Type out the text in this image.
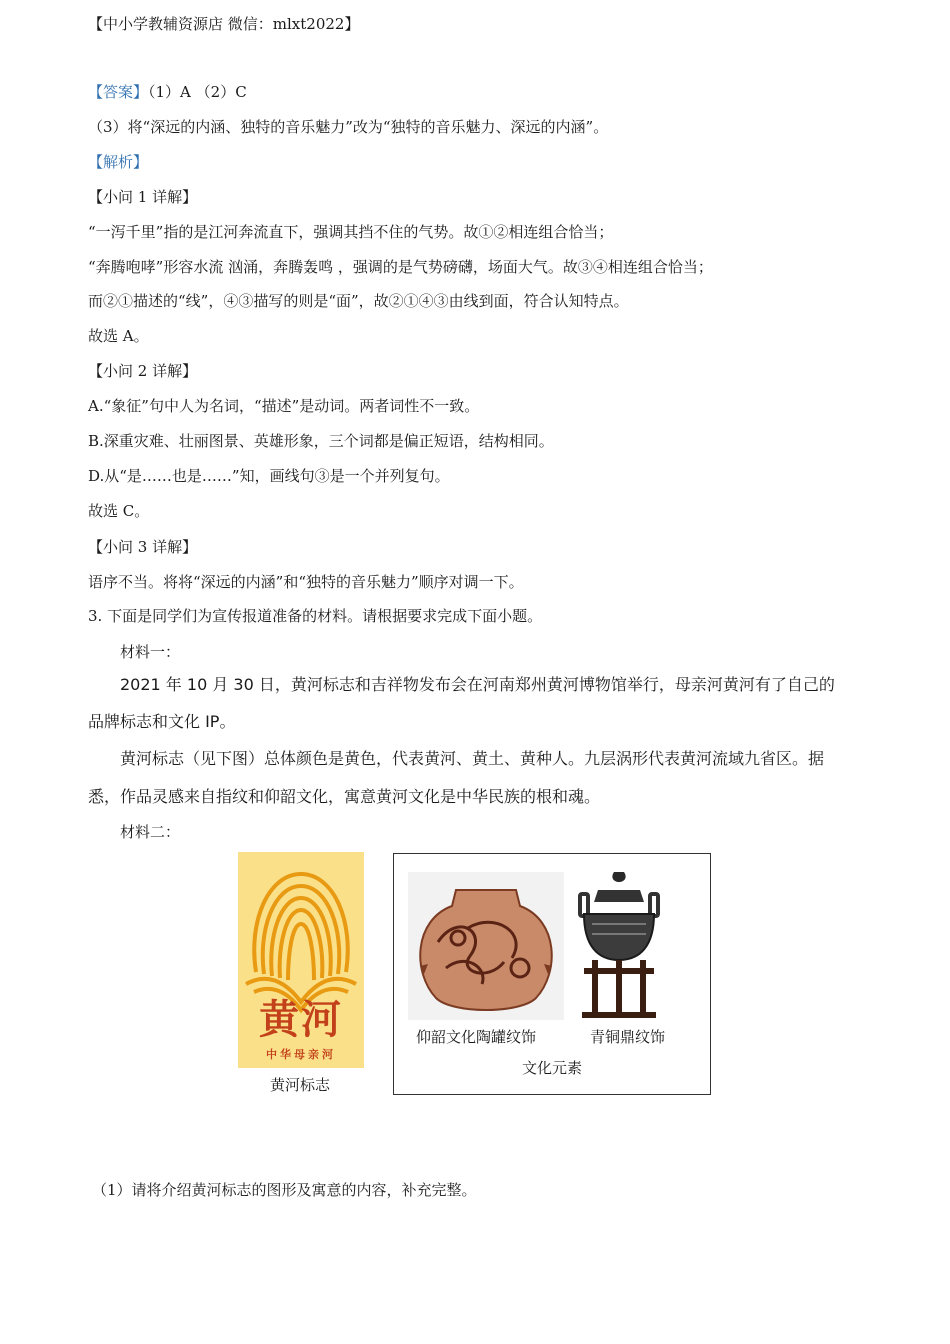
【中小学教辅资源店 微信：mlxt2022】
【答案】（1）A （2）C
（3）将“深远的内涵、独特的音乐魅力”改为“独特的音乐魅力、深远的内涵”。
【解析】
【小问 1 详解】
“一泻千里”指的是江河奔流直下，强调其挡不住的气势。故①②相连组合恰当；
“奔腾咆哮”形容水流 汹涌，奔腾轰鸣 ，强调的是气势磅礴，场面大气。故③④相连组合恰当；
而②①描述的“线”，④③描写的则是“面”，故②①④③由线到面，符合认知特点。
故选 A。
【小问 2 详解】
A.“象征”句中人为名词，“描述”是动词。两者词性不一致。
B.深重灾难、壮丽图景、英雄形象，三个词都是偏正短语，结构相同。
D.从“是……也是……”知，画线句③是一个并列复句。
故选 C。
【小问 3 详解】
语序不当。将将“深远的内涵”和“独特的音乐魅力”顺序对调一下。
3. 下面是同学们为宣传报道准备的材料。请根据要求完成下面小题。
材料一：
2021 年 10 月 30 日，黄河标志和吉祥物发布会在河南郑州黄河博物馆举行，母亲河黄河有了自己的
品牌标志和文化 IP。
黄河标志（见下图）总体颜色是黄色，代表黄河、黄土、黄种人。九层涡形代表黄河流域九省区。据
悉，作品灵感来自指纹和仰韶文化，寓意黄河文化是中华民族的根和魂。
材料二：
黄河
中华母亲河
黄河标志
仰韶文化陶罐纹饰	青铜鼎纹饰
文化元素
（1）请将介绍黄河标志的图形及寓意的内容，补充完整。
